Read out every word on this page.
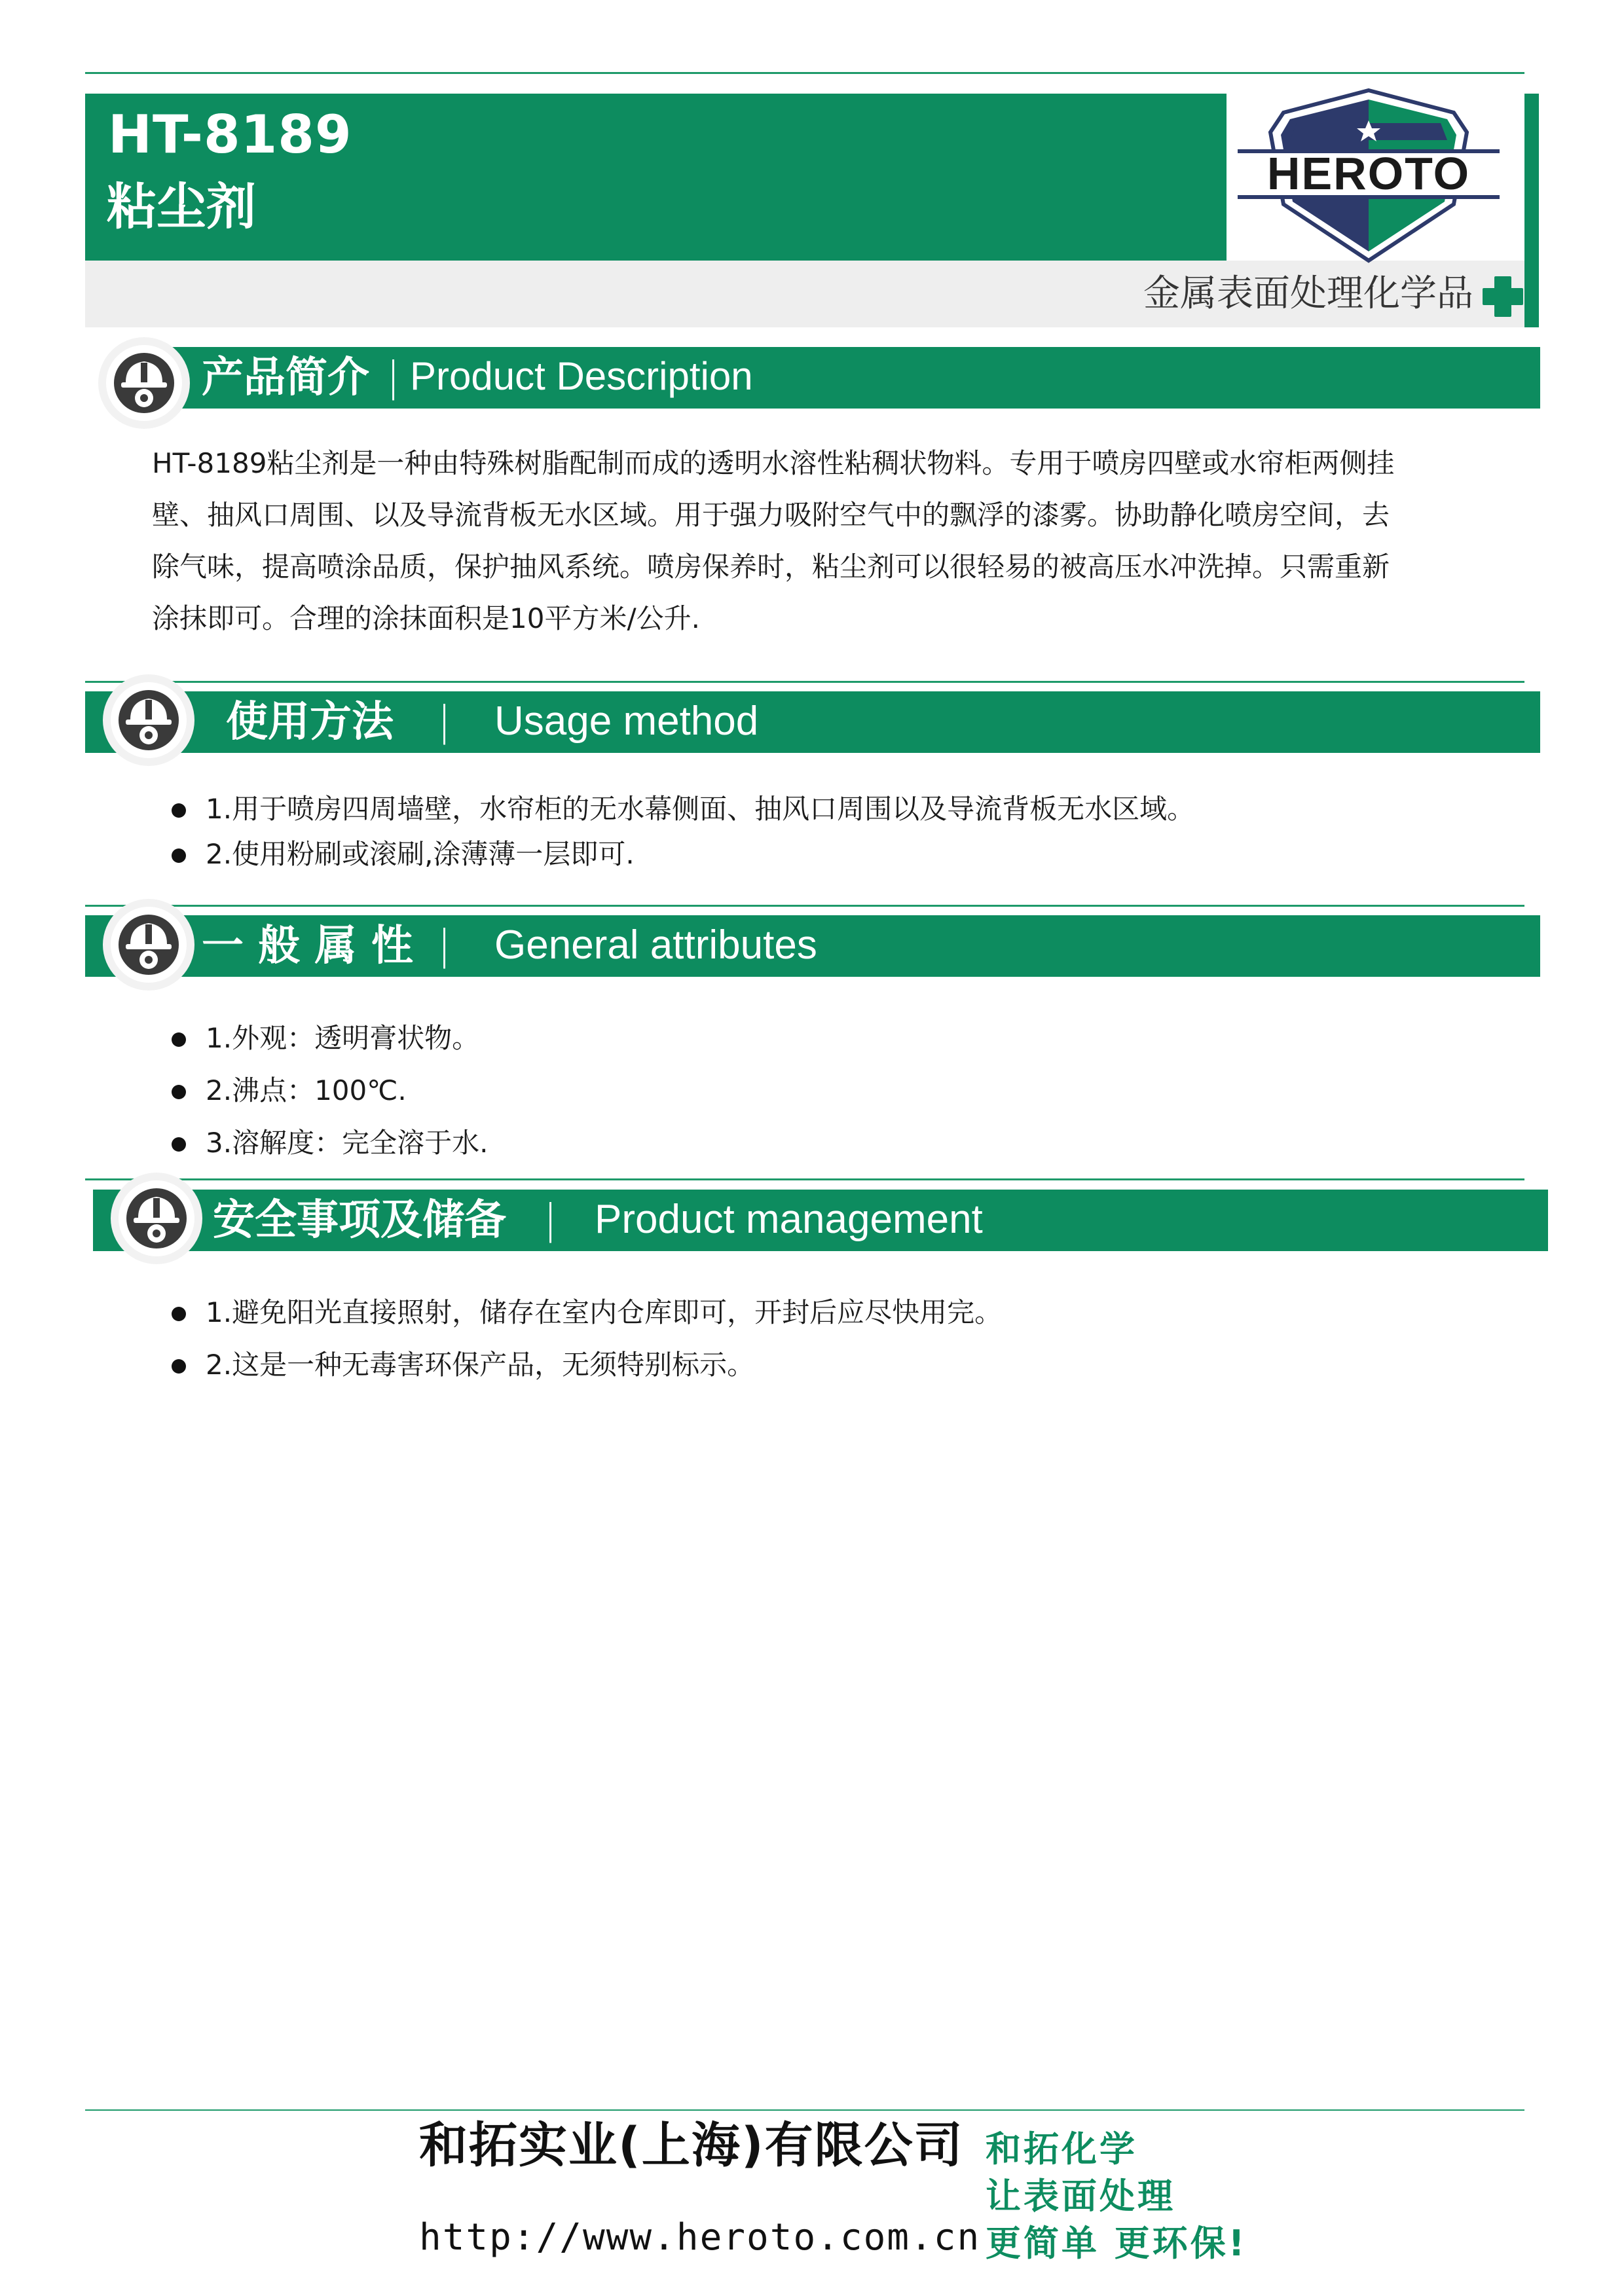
HT-8189
粘尘剂
金属表面处理化学品
HEROTO
产品简介 | Product Description

HT-8189粘尘剂是一种由特殊树脂配制而成的透明水溶性粘稠状物料。专用于喷房四壁或水帘柜两侧挂

壁、抽风口周围、以及导流背板无水区域。用于强力吸附空气中的飘浮的漆雾。协助静化喷房空间，去

除气味，提高喷涂品质，保护抽风系统。喷房保养时，粘尘剂可以很轻易的被高压水冲洗掉。只需重新

涂抹即可。合理的涂抹面积是10平方米/公升.

使用方法 | Usage method
1.用于喷房四周墙壁，水帘柜的无水幕侧面、抽风口周围以及导流背板无水区域。
2.使用粉刷或滚刷,涂薄薄一层即可.
一 般 属 性 | General attributes
1.外观：透明膏状物。
2.沸点：100℃.
3.溶解度：完全溶于水.
安全事项及储备 | Product management
1.避免阳光直接照射，储存在室内仓库即可，开封后应尽快用完。
2.这是一种无毒害环保产品，无须特别标示。
和拓实业(上海)有限公司
http://www.heroto.com.cn
和拓化学
让表面处理
更简单 更环保!
